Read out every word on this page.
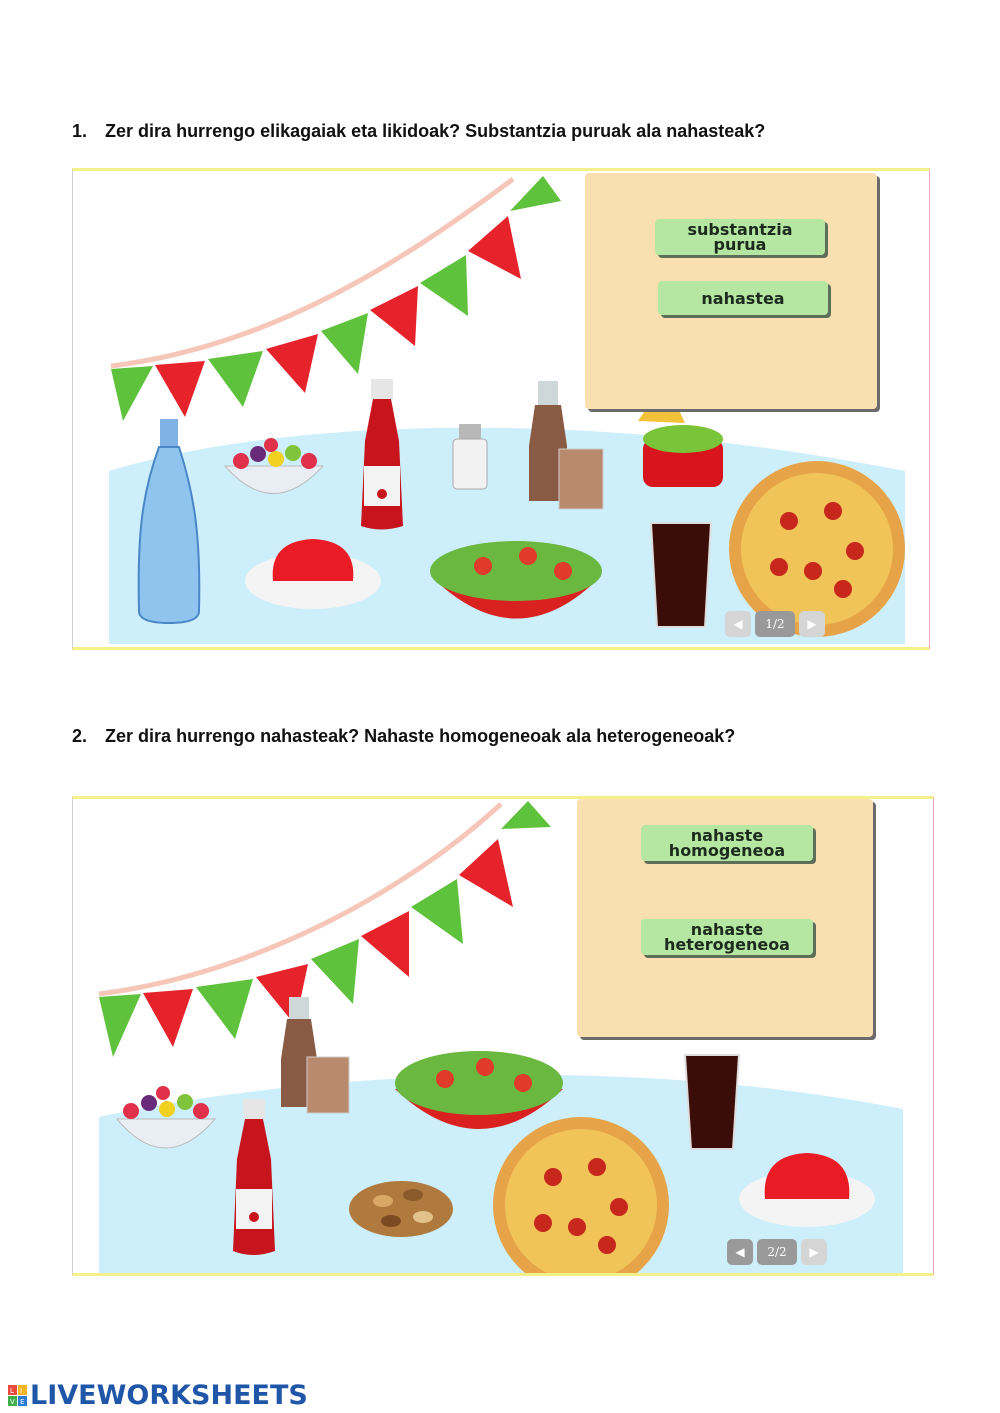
1. Zer dira hurrengo elikagaiak eta likidoak? Substantzia puruak ala nahasteak?
substantzia
purua
nahastea
◀	1/2	▶
2. Zer dira hurrengo nahasteak? Nahaste homogeneoak ala heterogeneoak?
nahaste
homogeneoa
nahaste
heterogeneoa
◀	2/2	▶
L I
V E LIVEWORKSHEETS
